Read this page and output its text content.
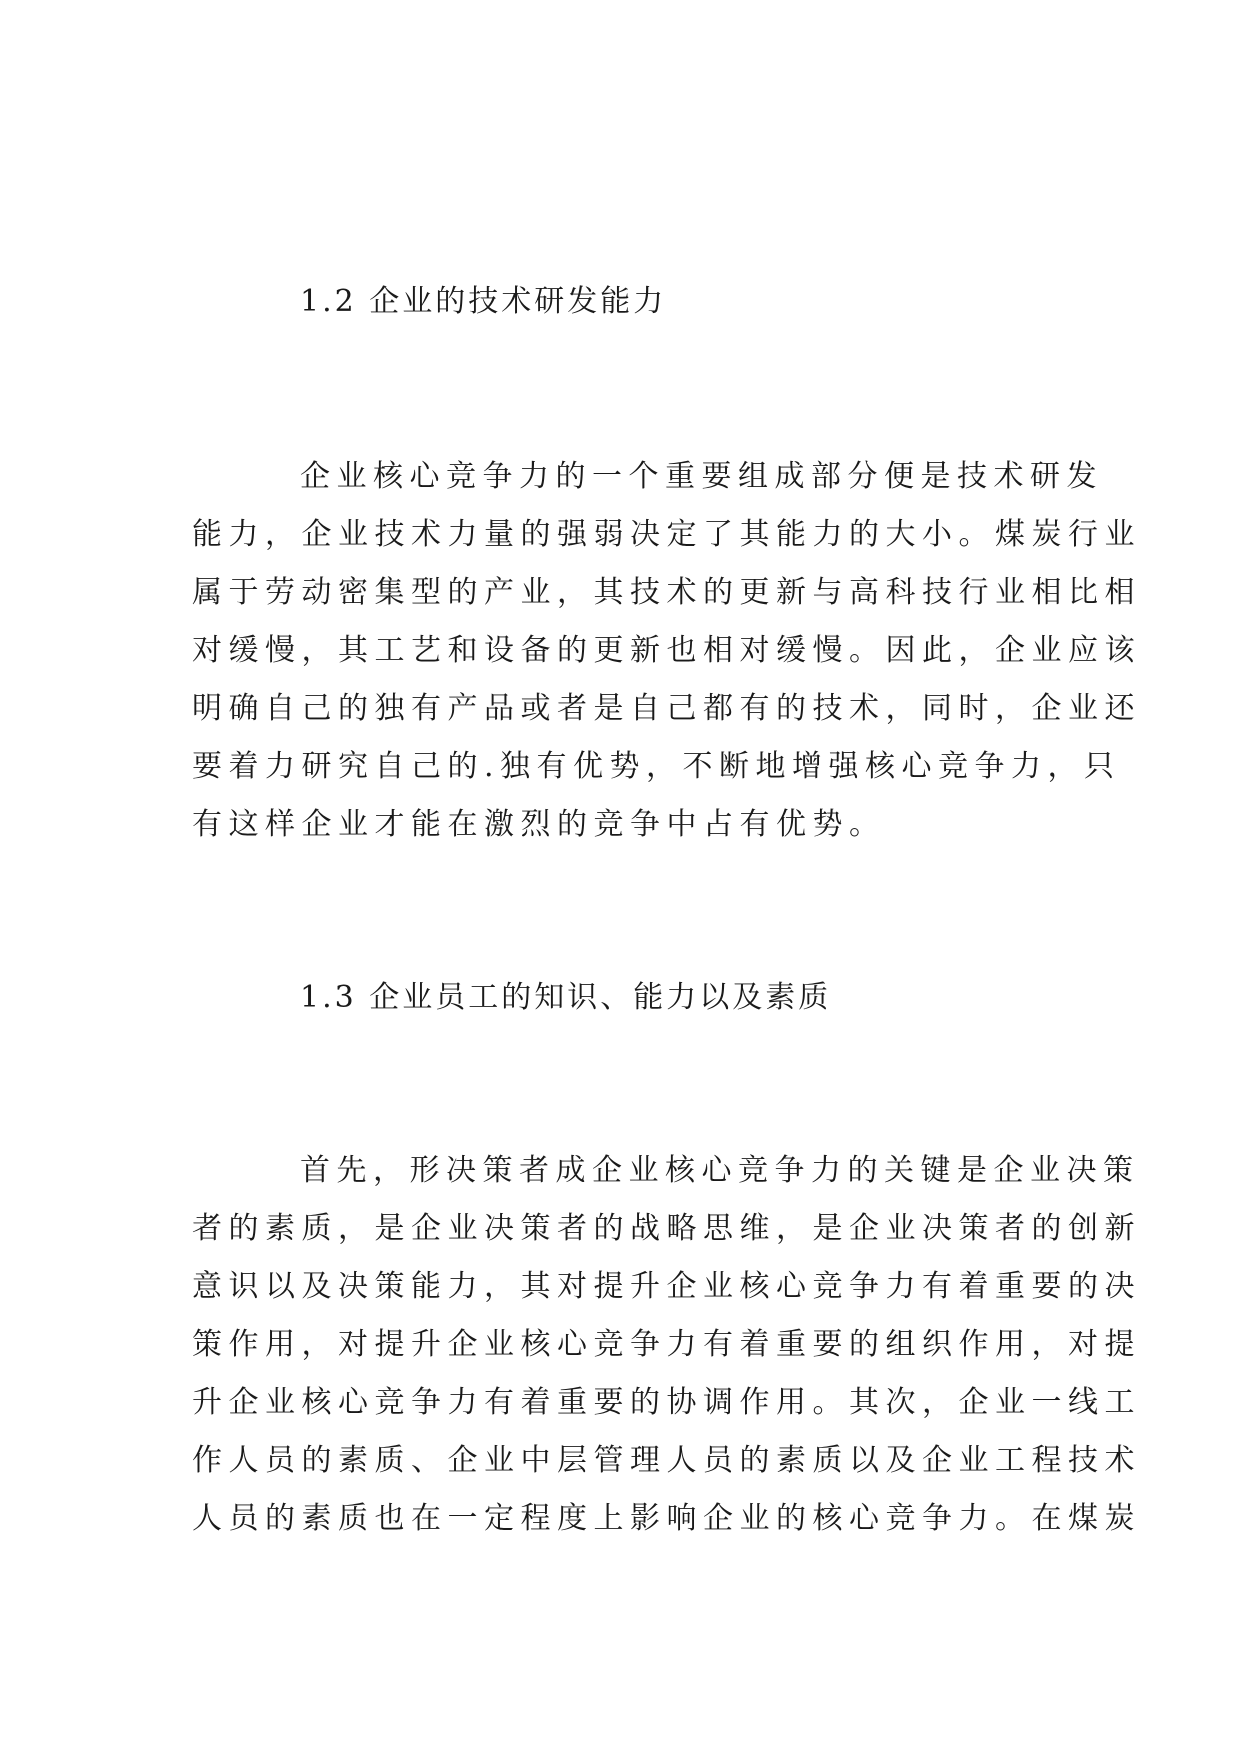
1.2 企业的技术研发能力
企业核心竞争力的一个重要组成部分便是技术研发
能力，企业技术力量的强弱决定了其能力的大小。煤炭行业
属于劳动密集型的产业，其技术的更新与高科技行业相比相
对缓慢，其工艺和设备的更新也相对缓慢。因此，企业应该
明确自己的独有产品或者是自己都有的技术，同时，企业还
要着力研究自己的.独有优势，不断地增强核心竞争力，只
有这样企业才能在激烈的竞争中占有优势。
1.3 企业员工的知识、能力以及素质
首先，形决策者成企业核心竞争力的关键是企业决策
者的素质，是企业决策者的战略思维，是企业决策者的创新
意识以及决策能力，其对提升企业核心竞争力有着重要的决
策作用，对提升企业核心竞争力有着重要的组织作用，对提
升企业核心竞争力有着重要的协调作用。其次，企业一线工
作人员的素质、企业中层管理人员的素质以及企业工程技术
人员的素质也在一定程度上影响企业的核心竞争力。在煤炭
